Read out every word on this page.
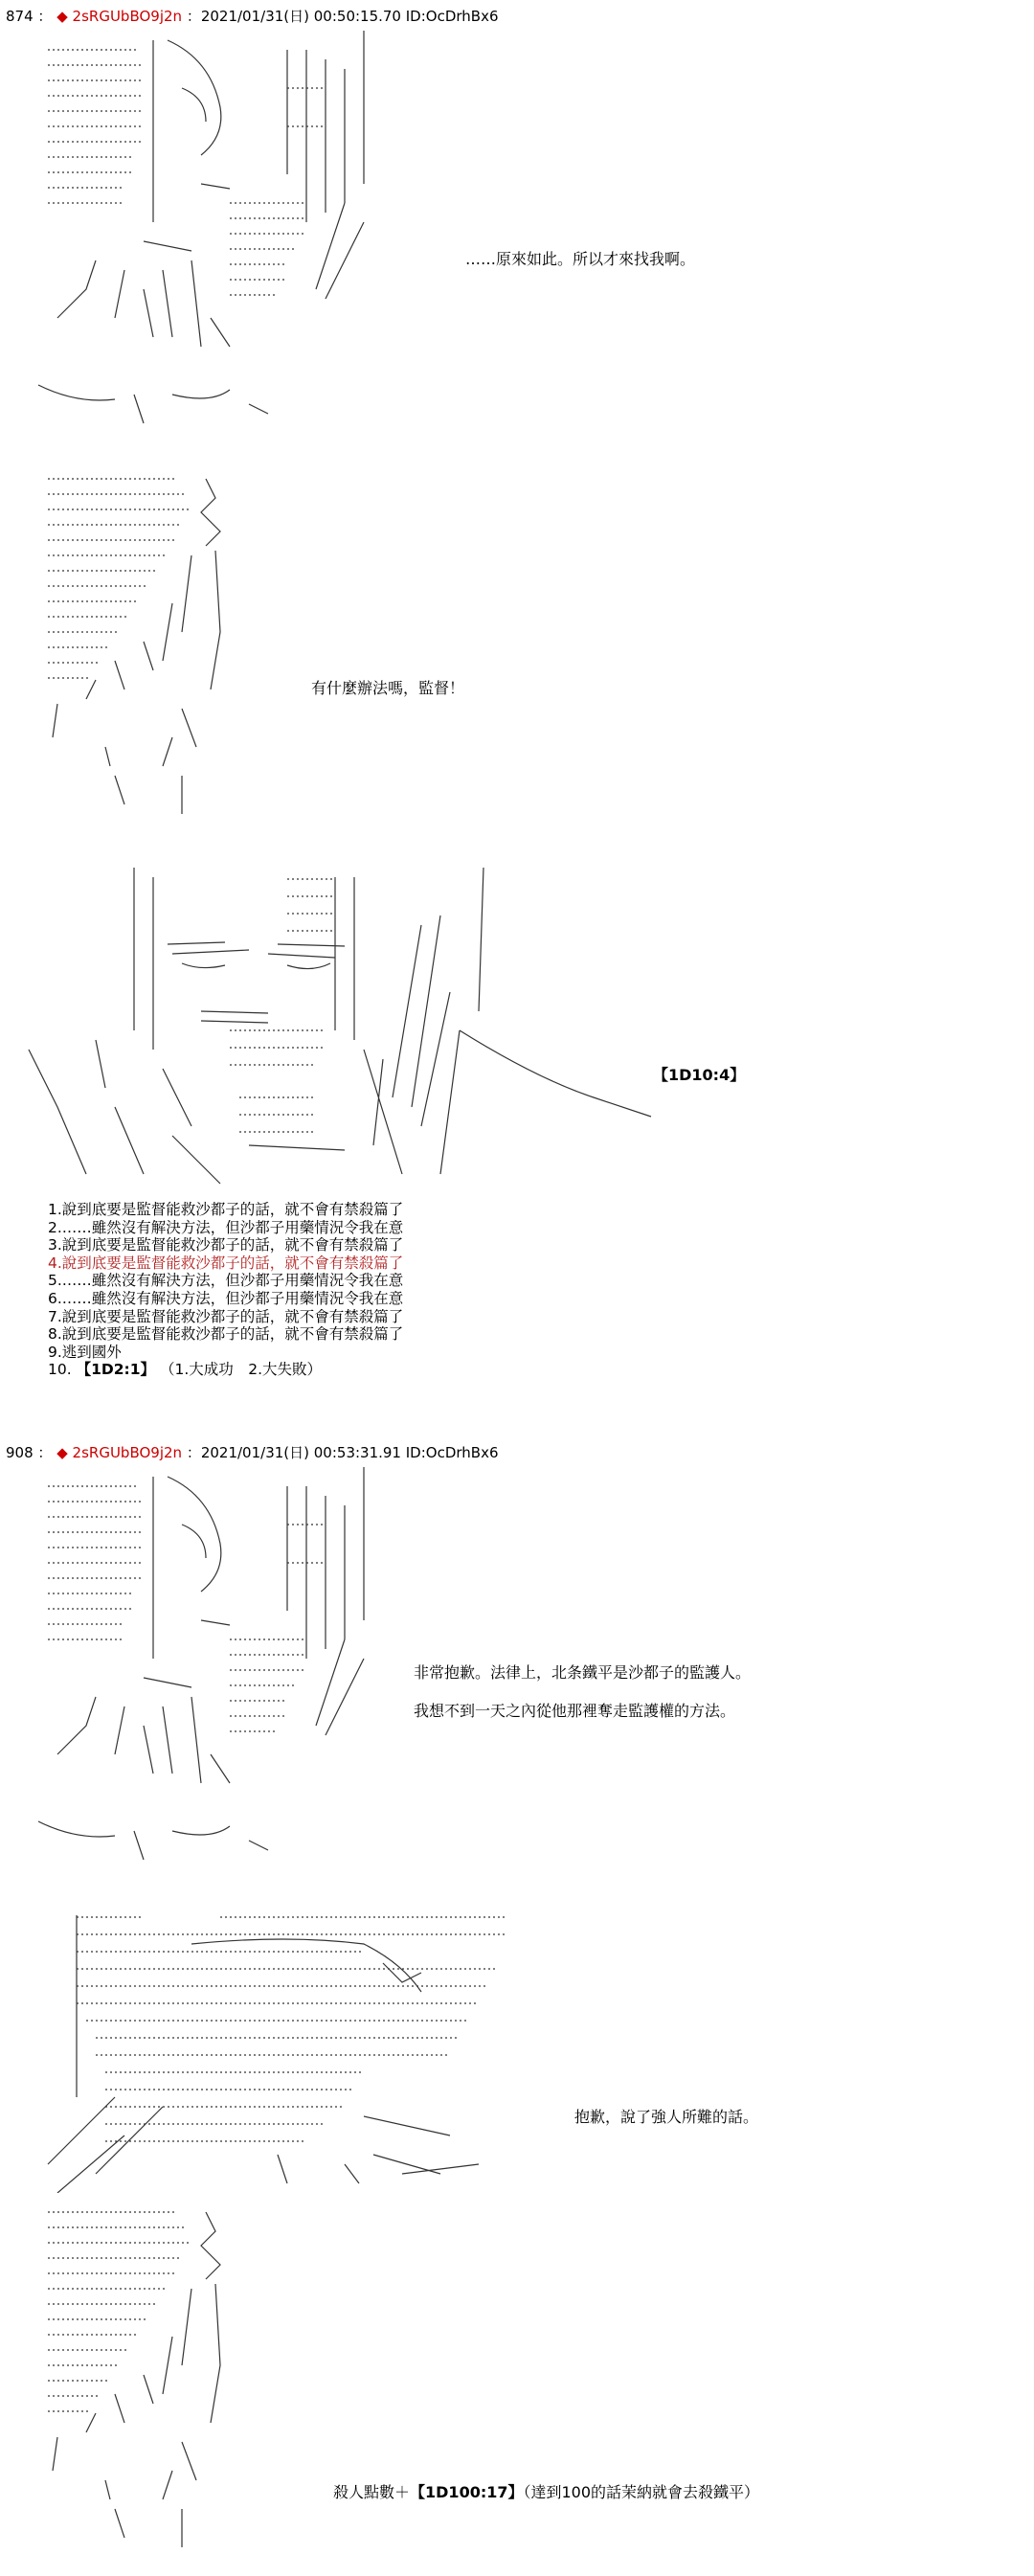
874 ： ◆ 2sRGUbBO9j2n ：2021/01/31(日) 00:50:15.70 ID:OcDrhBx6
……原來如此。所以才來找我啊。
有什麼辦法嗎，監督！
【1D10:4】
1.說到底要是監督能救沙都子的話，就不會有禁殺篇了
2.……雖然沒有解決方法，但沙都子用藥情況令我在意
3.說到底要是監督能救沙都子的話，就不會有禁殺篇了
4.說到底要是監督能救沙都子的話，就不會有禁殺篇了
5.……雖然沒有解決方法，但沙都子用藥情況令我在意
6.……雖然沒有解決方法，但沙都子用藥情況令我在意
7.說到底要是監督能救沙都子的話，就不會有禁殺篇了
8.說到底要是監督能救沙都子的話，就不會有禁殺篇了
9.逃到國外
10. 【1D2:1】 （1.大成功　2.大失敗）
908 ： ◆ 2sRGUbBO9j2n ：2021/01/31(日) 00:53:31.91 ID:OcDrhBx6
非常抱歉。法律上，北条鐵平是沙都子的監護人。
我想不到一天之內從他那裡奪走監護權的方法。
抱歉，說了強人所難的話。
殺人點數＋【1D100:17】（達到100的話茉納就會去殺鐵平）
